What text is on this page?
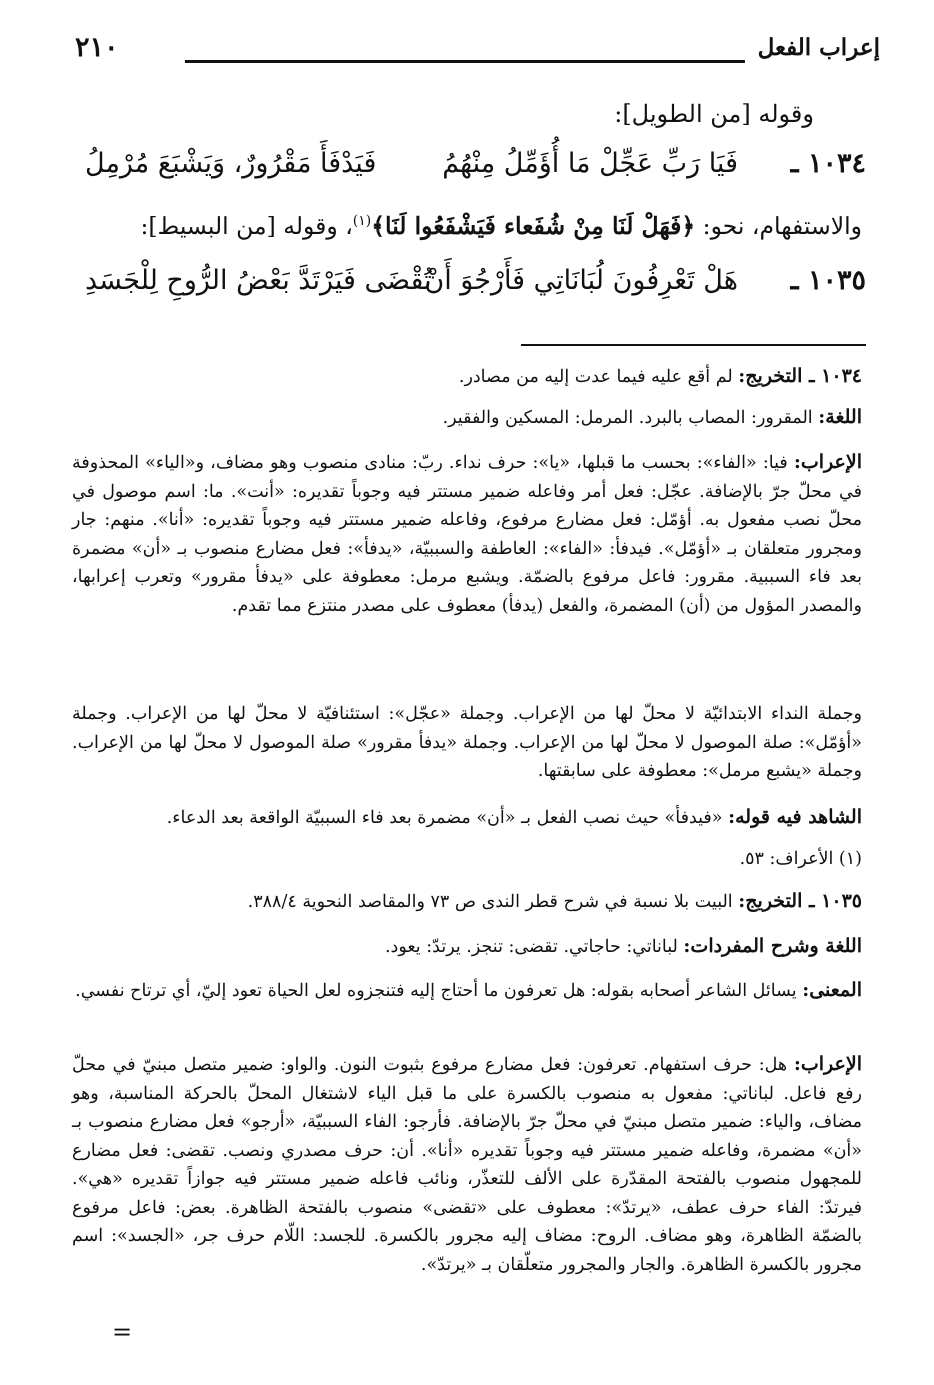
إعراب الفعل
٢١٠
وقوله [من الطويل]:
١٠٣٤ ـ
فَيَا رَبِّ عَجِّلْ مَا أُؤَمِّلُ مِنْهُمُ
فَيَدْفَأَ مَقْرُورٌ، وَيَشْبَعَ مُرْمِلُ
والاستفهام، نحو: ﴿فَهَلْ لَنَا مِنْ شُفَعاء فَيَشْفَعُوا لَنَا﴾$^{(١)}$، وقوله [من البسيط]:
١٠٣٥ ـ
هَلْ تَعْرِفُونَ لُبَانَاتِي فَأَرْجُوَ أَنْ
تُقْضَى فَيَرْتَدَّ بَعْضُ الرُّوحِ لِلْجَسَدِ

١٠٣٤ ـ التخريج: لم أقع عليه فيما عدت إليه من مصادر.

اللغة: المقرور: المصاب بالبرد. المرمل: المسكين والفقير.

الإعراب: فيا: «الفاء»: بحسب ما قبلها، «يا»: حرف نداء. ربّ: منادى منصوب وهو مضاف، و«الياء» المحذوفة في محلّ جرّ بالإضافة. عجّل: فعل أمر وفاعله ضمير مستتر فيه وجوباً تقديره: «أنت». ما: اسم موصول في محلّ نصب مفعول به. أؤمّل: فعل مضارع مرفوع، وفاعله ضمير مستتر فيه وجوباً تقديره: «أنا». منهم: جار ومجرور متعلقان بـ «أؤمّل». فيدفأ: «الفاء»: العاطفة والسببيّة، «يدفأ»: فعل مضارع منصوب بـ «أن» مضمرة بعد فاء السببية. مقرور: فاعل مرفوع بالضمّة. ويشبع مرمل: معطوفة على «يدفأ مقرور» وتعرب إعرابها، والمصدر المؤول من (أن) المضمرة، والفعل (يدفأ) معطوف على مصدر منتزع مما تقدم.

وجملة النداء الابتدائيّة لا محلّ لها من الإعراب. وجملة «عجّل»: استئنافيّة لا محلّ لها من الإعراب. وجملة «أؤمّل»: صلة الموصول لا محلّ لها من الإعراب. وجملة «يدفأ مقرور» صلة الموصول لا محلّ لها من الإعراب. وجملة «يشبع مرمل»: معطوفة على سابقتها.

الشاهد فيه قوله: «فيدفأ» حيث نصب الفعل بـ «أن» مضمرة بعد فاء السببيّة الواقعة بعد الدعاء.

(١) الأعراف: ٥٣.

١٠٣٥ ـ التخريج: البيت بلا نسبة في شرح قطر الندى ص ٧٣ والمقاصد النحوية ٣٨٨/٤.

اللغة وشرح المفردات: لباناتي: حاجاتي. تقضى: تنجز. يرتدّ: يعود.

المعنى: يسائل الشاعر أصحابه بقوله: هل تعرفون ما أحتاج إليه فتنجزوه لعل الحياة تعود إليّ، أي ترتاح نفسي.

الإعراب: هل: حرف استفهام. تعرفون: فعل مضارع مرفوع بثبوت النون. والواو: ضمير متصل مبنيّ في محلّ رفع فاعل. لباناتي: مفعول به منصوب بالكسرة على ما قبل الياء لاشتغال المحلّ بالحركة المناسبة، وهو مضاف، والياء: ضمير متصل مبنيّ في محلّ جرّ بالإضافة. فأرجو: الفاء السببيّة، «أرجو» فعل مضارع منصوب بـ «أن» مضمرة، وفاعله ضمير مستتر فيه وجوباً تقديره «أنا». أن: حرف مصدري ونصب. تقضى: فعل مضارع للمجهول منصوب بالفتحة المقدّرة على الألف للتعذّر، ونائب فاعله ضمير مستتر فيه جوازاً تقديره «هي». فيرتدّ: الفاء حرف عطف، «يرتدّ»: معطوف على «تقضى» منصوب بالفتحة الظاهرة. بعض: فاعل مرفوع بالضمّة الظاهرة، وهو مضاف. الروح: مضاف إليه مجرور بالكسرة. للجسد: اللّام حرف جر، «الجسد»: اسم مجرور بالكسرة الظاهرة. والجار والمجرور متعلّقان بـ «يرتدّ».

=
